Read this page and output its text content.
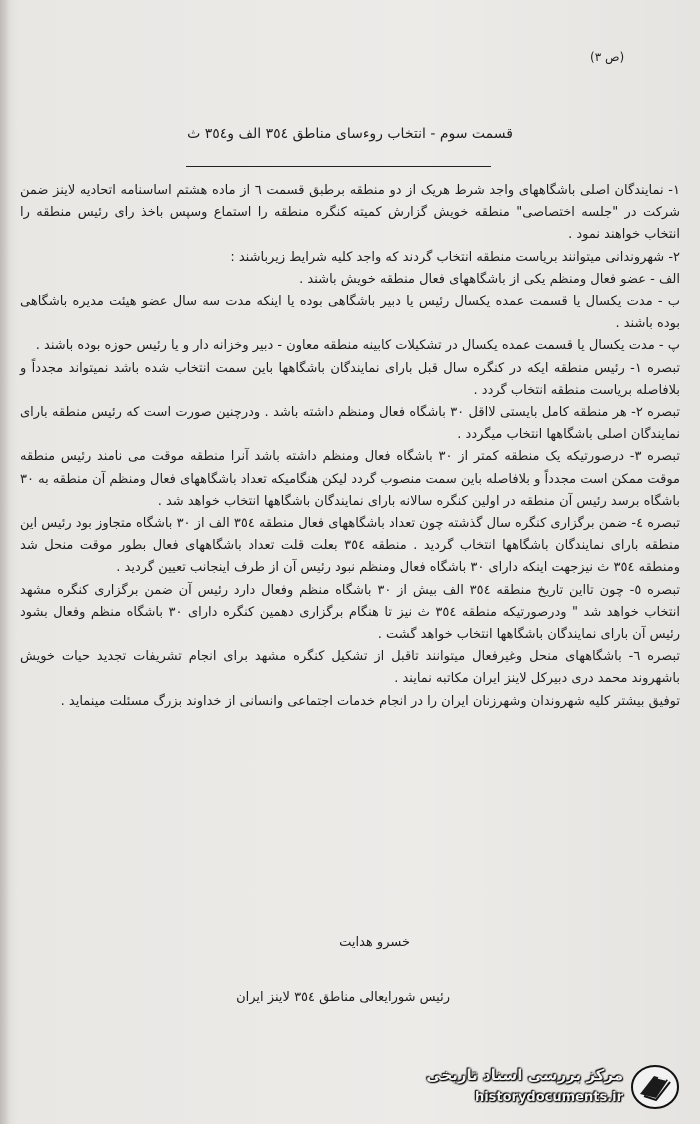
(ص ٣)
قسمت سوم - انتخاب روءسای مناطق ٣٥٤ الف و٣٥٤ ث

١- نمایندگان اصلی باشگاههای واجد شرط هریک از دو منطقه برطبق قسمت ٦ از ماده هشتم اساسنامه اتحادیه لاینز ضمن شرکت در "جلسه اختصاصی" منطقه خویش گزارش کمیته کنگره منطقه را استماع وسپس باخذ رای رئیس منطقه را انتخاب خواهند نمود .

٢- شهروندانی میتوانند بریاست منطقه انتخاب گردند که واجد کلیه شرایط زیرباشند :

الف - عضو فعال ومنظم یکی از باشگاههای فعال منطقه خویش باشند .

ب - مدت یکسال یا قسمت عمده یکسال رئیس یا دبیر باشگاهی بوده یا اینکه مدت سه سال عضو هیئت مدیره باشگاهی بوده باشند .

پ - مدت یکسال یا قسمت عمده یکسال در تشکیلات کابینه منطقه معاون - دبیر وخزانه دار و یا رئیس حوزه بوده باشند .

تبصره ١- رئیس منطقه ایکه در کنگره سال قبل بارای نمایندگان باشگاهها باین سمت انتخاب شده باشد نمیتواند مجدداً و بلافاصله بریاست منطقه انتخاب گردد .

تبصره ٢- هر منطقه کامل بایستی لااقل ٣٠ باشگاه فعال ومنظم داشته باشد . ودرچنین صورت است که رئیس منطقه بارای نمایندگان اصلی باشگاهها انتخاب میگردد .

تبصره ٣- درصورتیکه یک منطقه کمتر از ٣٠ باشگاه فعال ومنظم داشته باشد آنرا منطقه موقت می نامند رئیس منطقه موقت ممکن است مجدداً و بلافاصله باین سمت منصوب گردد لیکن هنگامیکه تعداد باشگاههای فعال ومنظم آن منطقه به ٣٠ باشگاه برسد رئیس آن منطقه در اولین کنگره سالانه بارای نمایندگان باشگاهها انتخاب خواهد شد .

تبصره ٤- ضمن برگزاری کنگره سال گذشته چون تعداد باشگاههای فعال منطقه ٣٥٤ الف از ٣٠ باشگاه متجاوز بود رئیس این منطقه بارای نمایندگان باشگاهها انتخاب گردید . منطقه ٣٥٤ بعلت قلت تعداد باشگاههای فعال بطور موقت منحل شد ومنطقه ٣٥٤ ث نیزجهت اینکه دارای ٣٠ باشگاه فعال ومنظم نبود رئیس آن از طرف اینجانب تعیین گردید .

تبصره ٥- چون تااین تاریخ منطقه ٣٥٤ الف بیش از ٣٠ باشگاه منظم وفعال دارد رئیس آن ضمن برگزاری کنگره مشهد انتخاب خواهد شد " ودرصورتیکه منطقه ٣٥٤ ث نیز تا هنگام برگزاری دهمین کنگره دارای ٣٠ باشگاه منظم وفعال بشود رئیس آن بارای نمایندگان باشگاهها انتخاب خواهد گشت .

تبصره ٦- باشگاههای منحل وغیرفعال میتوانند تاقبل از تشکیل کنگره مشهد برای انجام تشریفات تجدید حیات خویش باشهروند محمد دری دبیرکل لاینز ایران مکاتبه نمایند .

توفیق بیشتر کلیه شهروندان وشهرزنان ایران را در انجام خدمات اجتماعی وانسانی از خداوند بزرگ مسئلت مینماید .

خسرو هدایت
رئیس شورایعالی مناطق ٣٥٤ لاینز ایران
مرکز بررسی اسناد تاریخی
historydocuments.ir
